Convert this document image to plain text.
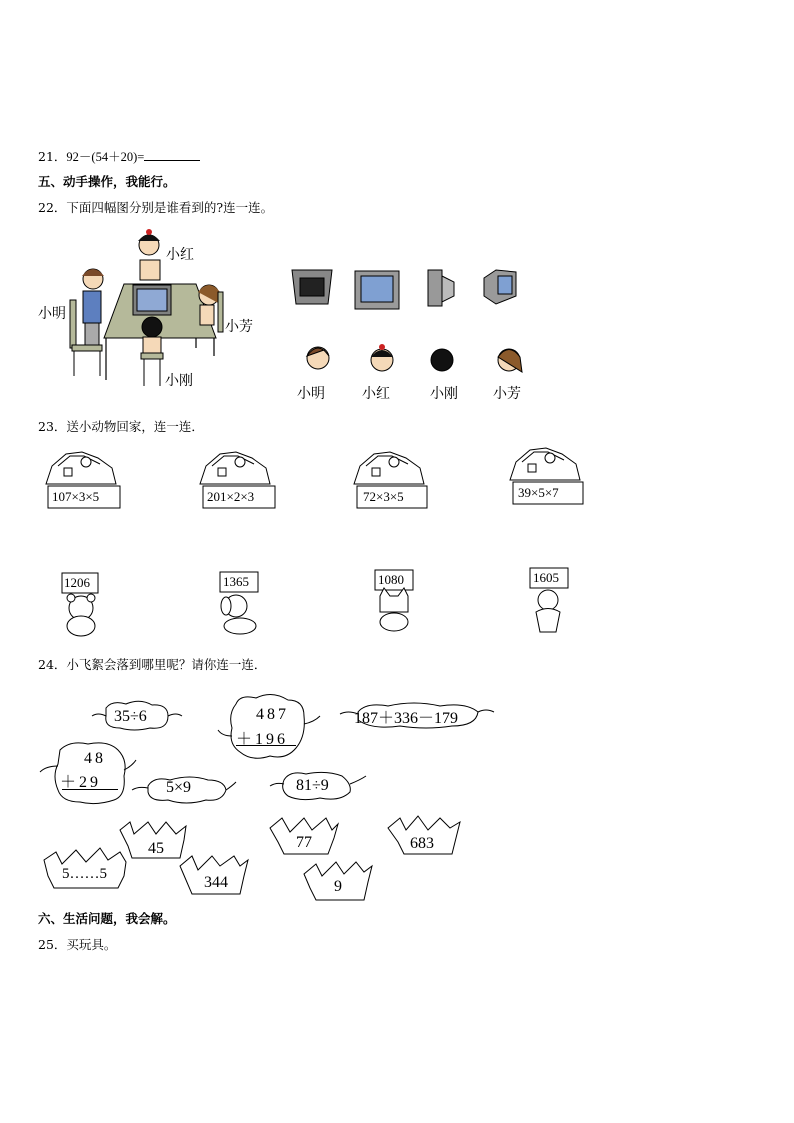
21．92－(54＋20)=
五、动手操作，我能行。
22．下面四幅图分别是谁看到的?连一连。
小红
小明
小芳
小刚
小明	小红	小刚	小芳
23．送小动物回家，连一连．
107×3×5	201×2×3	72×3×5	39×5×7
1206	1365	1080	1605
24．小飞絮会落到哪里呢？请你连一连．
35÷6	487
＋196
187＋336－179
48
＋29	5×9	81÷9
45	77	683
5……5	344	9
六、生活问题，我会解。
25．买玩具。
